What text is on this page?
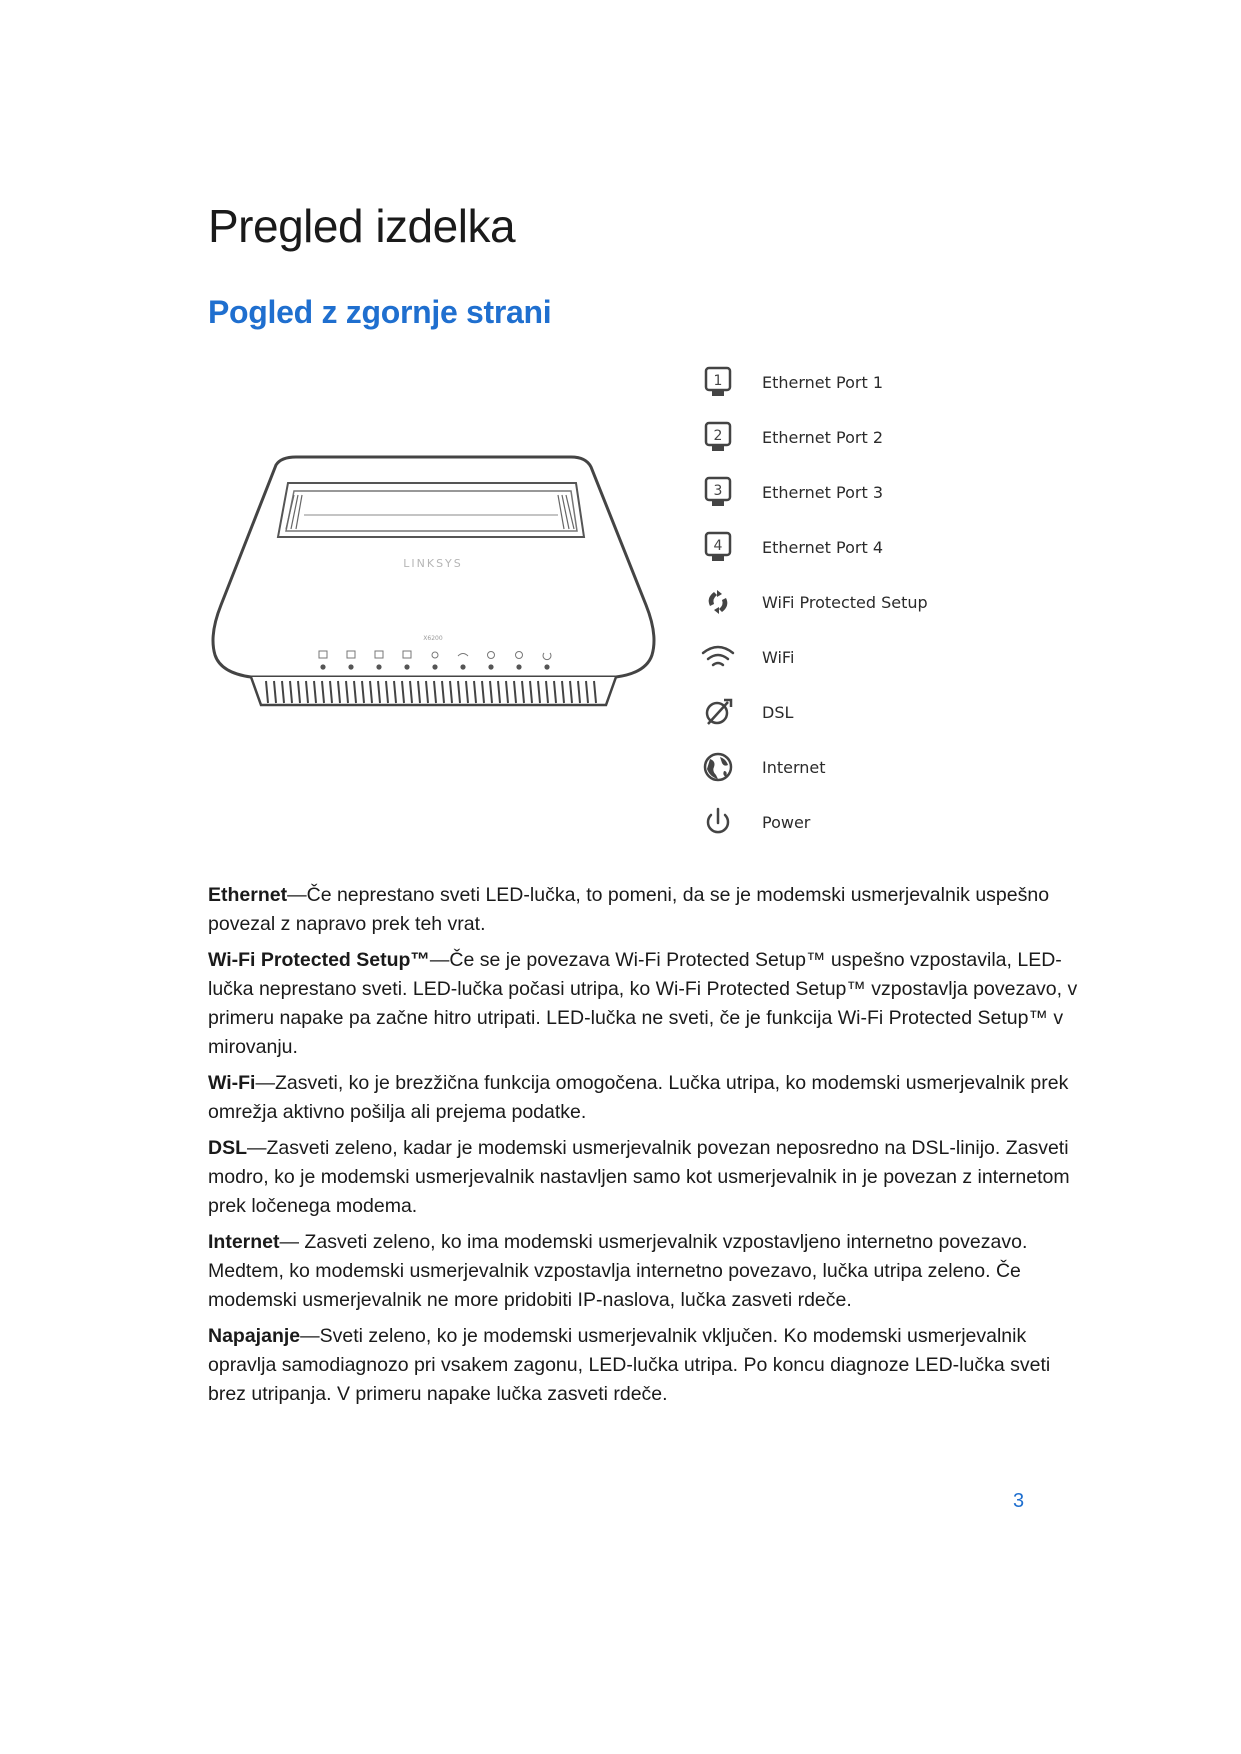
Pregled izdelka
Pogled z zgornje strani
LINKSYS
X6200
1 Ethernet Port 1
2 Ethernet Port 2
3 Ethernet Port 3
4 Ethernet Port 4
WiFi Protected Setup
WiFi
DSL
Internet
Power

Ethernet—Če neprestano sveti LED-lučka, to pomeni, da se je modemski usmerjevalnik uspešno povezal z napravo prek teh vrat.

Wi-Fi Protected Setup™—Če se je povezava Wi-Fi Protected Setup™ uspešno vzpostavila, LED-lučka neprestano sveti. LED-lučka počasi utripa, ko Wi-Fi Protected Setup™ vzpostavlja povezavo, v primeru napake pa začne hitro utripati. LED-lučka ne sveti, če je funkcija Wi-Fi Protected Setup™ v mirovanju.

Wi-Fi—Zasveti, ko je brezžična funkcija omogočena. Lučka utripa, ko modemski usmerjevalnik prek omrežja aktivno pošilja ali prejema podatke.

DSL—Zasveti zeleno, kadar je modemski usmerjevalnik povezan neposredno na DSL-linijo. Zasveti modro, ko je modemski usmerjevalnik nastavljen samo kot usmerjevalnik in je povezan z internetom prek ločenega modema.

Internet— Zasveti zeleno, ko ima modemski usmerjevalnik vzpostavljeno internetno povezavo. Medtem, ko modemski usmerjevalnik vzpostavlja internetno povezavo, lučka utripa zeleno. Če modemski usmerjevalnik ne more pridobiti IP-naslova, lučka zasveti rdeče.

Napajanje—Sveti zeleno, ko je modemski usmerjevalnik vključen. Ko modemski usmerjevalnik opravlja samodiagnozo pri vsakem zagonu, LED-lučka utripa. Po koncu diagnoze LED-lučka sveti brez utripanja. V primeru napake lučka zasveti rdeče.

3
